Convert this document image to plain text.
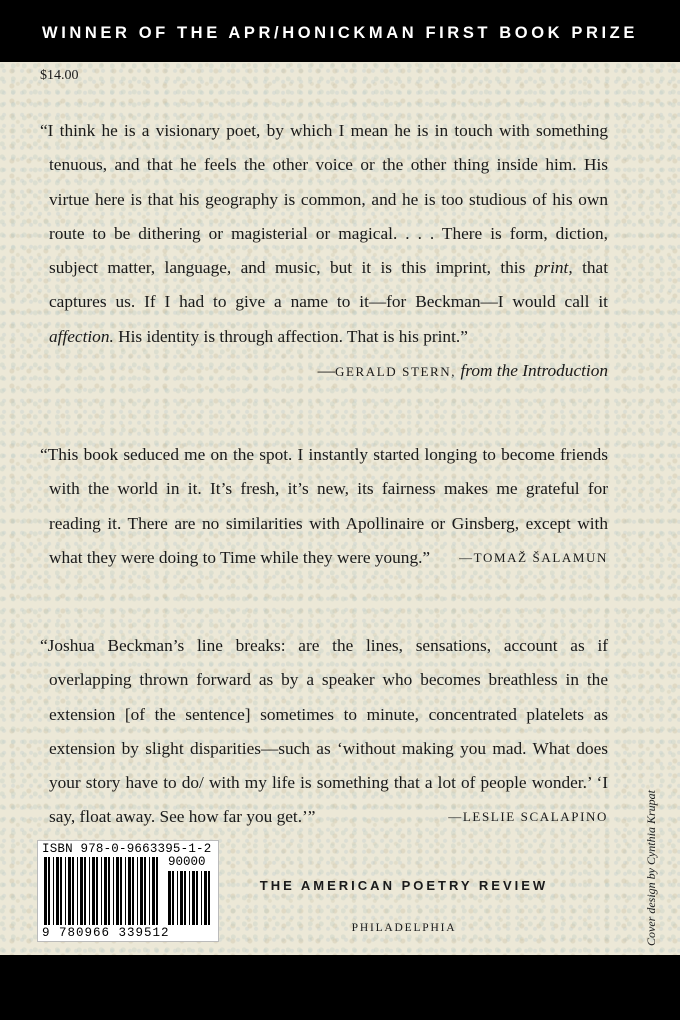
WINNER OF THE APR/HONICKMAN FIRST BOOK PRIZE
$14.00
“I think he is a visionary poet, by which I mean he is in touch with something tenuous, and that he feels the other voice or the other thing inside him. His virtue here is that his geography is common, and he is too studious of his own route to be dithering or magisterial or magical. . . . There is form, diction, subject matter, language, and music, but it is this imprint, this print, that captures us. If I had to give a name to it—for Beckman—I would call it affection. His identity is through affection. That is his print.”
—GERALD STERN, from the Introduction
“This book seduced me on the spot. I instantly started longing to become friends with the world in it. It’s fresh, it’s new, its fairness makes me grateful for reading it. There are no similarities with Apollinaire or Ginsberg, except with what they were doing to Time while they were young.” —TOMAŽ ŠALAMUN
“Joshua Beckman’s line breaks: are the lines, sensations, account as if overlapping thrown forward as by a speaker who becomes breathless in the extension [of the sentence] sometimes to minute, concentrated platelets as extension by slight disparities—such as ‘without making you mad. What does your story have to do/ with my life is something that a lot of people wonder.’ ‘I say, float away. See how far you get.’”	—LESLIE SCALAPINO
ISBN 978-0-9663395-1-2
90000
9 780966 339512
THE AMERICAN POETRY REVIEW
PHILADELPHIA	Cover design by Cynthia Krupat
